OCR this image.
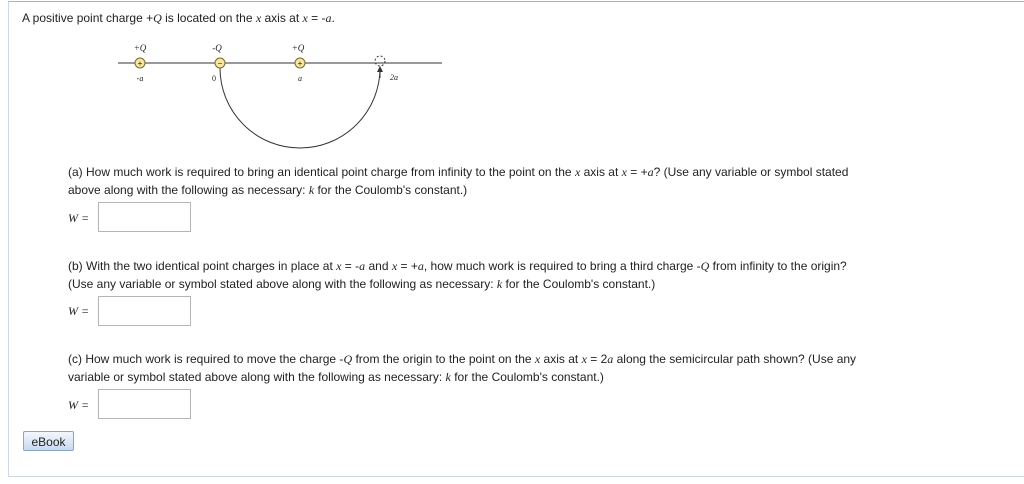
A positive point charge +Q is located on the x axis at x = -a.
+	−	+
+Q	-Q	+Q
-a	0	a	2a
(a) How much work is required to bring an identical point charge from infinity to the point on the x axis at x = +a? (Use any variable or symbol stated
above along with the following as necessary: k for the Coulomb's constant.)
W =
(b) With the two identical point charges in place at x = -a and x = +a, how much work is required to bring a third charge -Q from infinity to the origin?
(Use any variable or symbol stated above along with the following as necessary: k for the Coulomb's constant.)
W =
(c) How much work is required to move the charge -Q from the origin to the point on the x axis at x = 2a along the semicircular path shown? (Use any
variable or symbol stated above along with the following as necessary: k for the Coulomb's constant.)
W =
eBook
